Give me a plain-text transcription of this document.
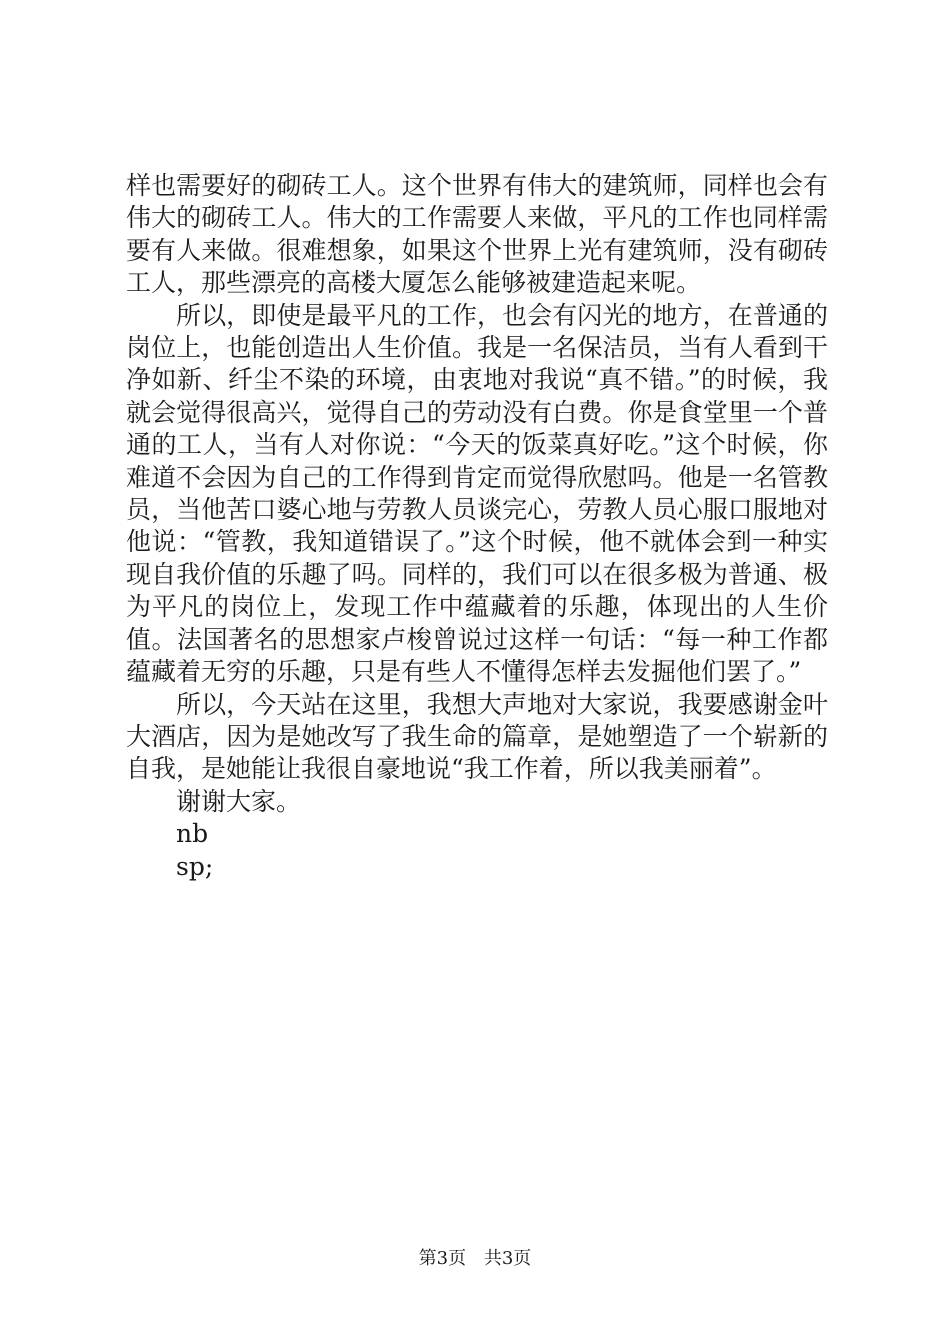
样也需要好的砌砖工人。这个世界有伟大的建筑师，同样也会有伟大的砌砖工人。伟大的工作需要人来做，平凡的工作也同样需要有人来做。很难想象，如果这个世界上光有建筑师，没有砌砖工人，那些漂亮的高楼大厦怎么能够被建造起来呢。

所以，即使是最平凡的工作，也会有闪光的地方，在普通的岗位上，也能创造出人生价值。我是一名保洁员，当有人看到干净如新、纤尘不染的环境，由衷地对我说“真不错。”的时候，我就会觉得很高兴，觉得自己的劳动没有白费。你是食堂里一个普通的工人，当有人对你说：“今天的饭菜真好吃。”这个时候，你难道不会因为自己的工作得到肯定而觉得欣慰吗。他是一名管教员，当他苦口婆心地与劳教人员谈完心，劳教人员心服口服地对他说：“管教，我知道错误了。”这个时候，他不就体会到一种实现自我价值的乐趣了吗。同样的，我们可以在很多极为普通、极为平凡的岗位上，发现工作中蕴藏着的乐趣，体现出的人生价值。法国著名的思想家卢梭曾说过这样一句话：“每一种工作都蕴藏着无穷的乐趣，只是有些人不懂得怎样去发掘他们罢了。”

所以，今天站在这里，我想大声地对大家说，我要感谢金叶大酒店，因为是她改写了我生命的篇章，是她塑造了一个崭新的自我，是她能让我很自豪地说“我工作着，所以我美丽着”。

谢谢大家。

nb

sp;

第3页 共3页
